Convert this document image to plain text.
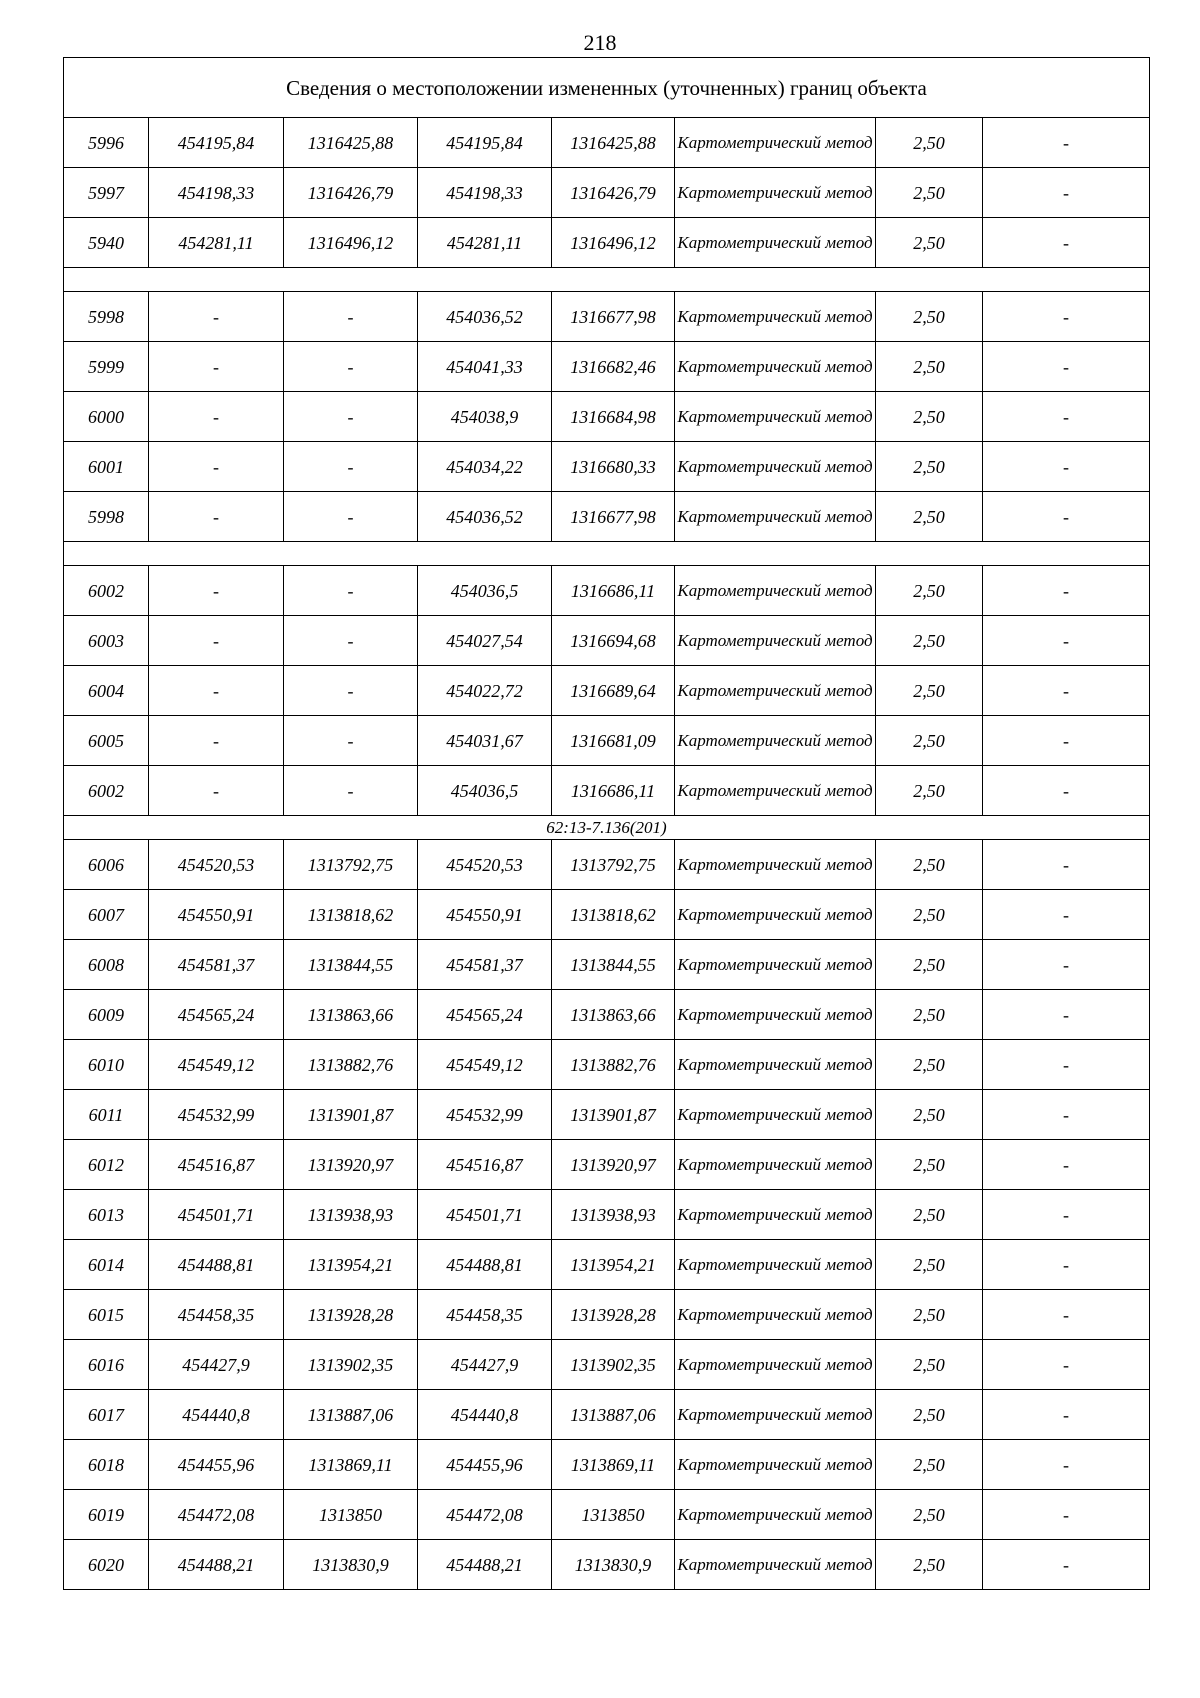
218
Сведения о местоположении измененных (уточненных) границ объекта							
5996	454195,84	1316425,88	454195,84	1316425,88	Картометрический метод	2,50	-
5997	454198,33	1316426,79	454198,33	1316426,79	Картометрический метод	2,50	-
5940	454281,11	1316496,12	454281,11	1316496,12	Картометрический метод	2,50	-

5998	-	-	454036,52	1316677,98	Картометрический метод	2,50	-
5999	-	-	454041,33	1316682,46	Картометрический метод	2,50	-
6000	-	-	454038,9	1316684,98	Картометрический метод	2,50	-
6001	-	-	454034,22	1316680,33	Картометрический метод	2,50	-
5998	-	-	454036,52	1316677,98	Картометрический метод	2,50	-

6002	-	-	454036,5	1316686,11	Картометрический метод	2,50	-
6003	-	-	454027,54	1316694,68	Картометрический метод	2,50	-
6004	-	-	454022,72	1316689,64	Картометрический метод	2,50	-
6005	-	-	454031,67	1316681,09	Картометрический метод	2,50	-
6002	-	-	454036,5	1316686,11	Картометрический метод	2,50	-
62:13-7.136(201)							
6006	454520,53	1313792,75	454520,53	1313792,75	Картометрический метод	2,50	-
6007	454550,91	1313818,62	454550,91	1313818,62	Картометрический метод	2,50	-
6008	454581,37	1313844,55	454581,37	1313844,55	Картометрический метод	2,50	-
6009	454565,24	1313863,66	454565,24	1313863,66	Картометрический метод	2,50	-
6010	454549,12	1313882,76	454549,12	1313882,76	Картометрический метод	2,50	-
6011	454532,99	1313901,87	454532,99	1313901,87	Картометрический метод	2,50	-
6012	454516,87	1313920,97	454516,87	1313920,97	Картометрический метод	2,50	-
6013	454501,71	1313938,93	454501,71	1313938,93	Картометрический метод	2,50	-
6014	454488,81	1313954,21	454488,81	1313954,21	Картометрический метод	2,50	-
6015	454458,35	1313928,28	454458,35	1313928,28	Картометрический метод	2,50	-
6016	454427,9	1313902,35	454427,9	1313902,35	Картометрический метод	2,50	-
6017	454440,8	1313887,06	454440,8	1313887,06	Картометрический метод	2,50	-
6018	454455,96	1313869,11	454455,96	1313869,11	Картометрический метод	2,50	-
6019	454472,08	1313850	454472,08	1313850	Картометрический метод	2,50	-
6020	454488,21	1313830,9	454488,21	1313830,9	Картометрический метод	2,50	-
